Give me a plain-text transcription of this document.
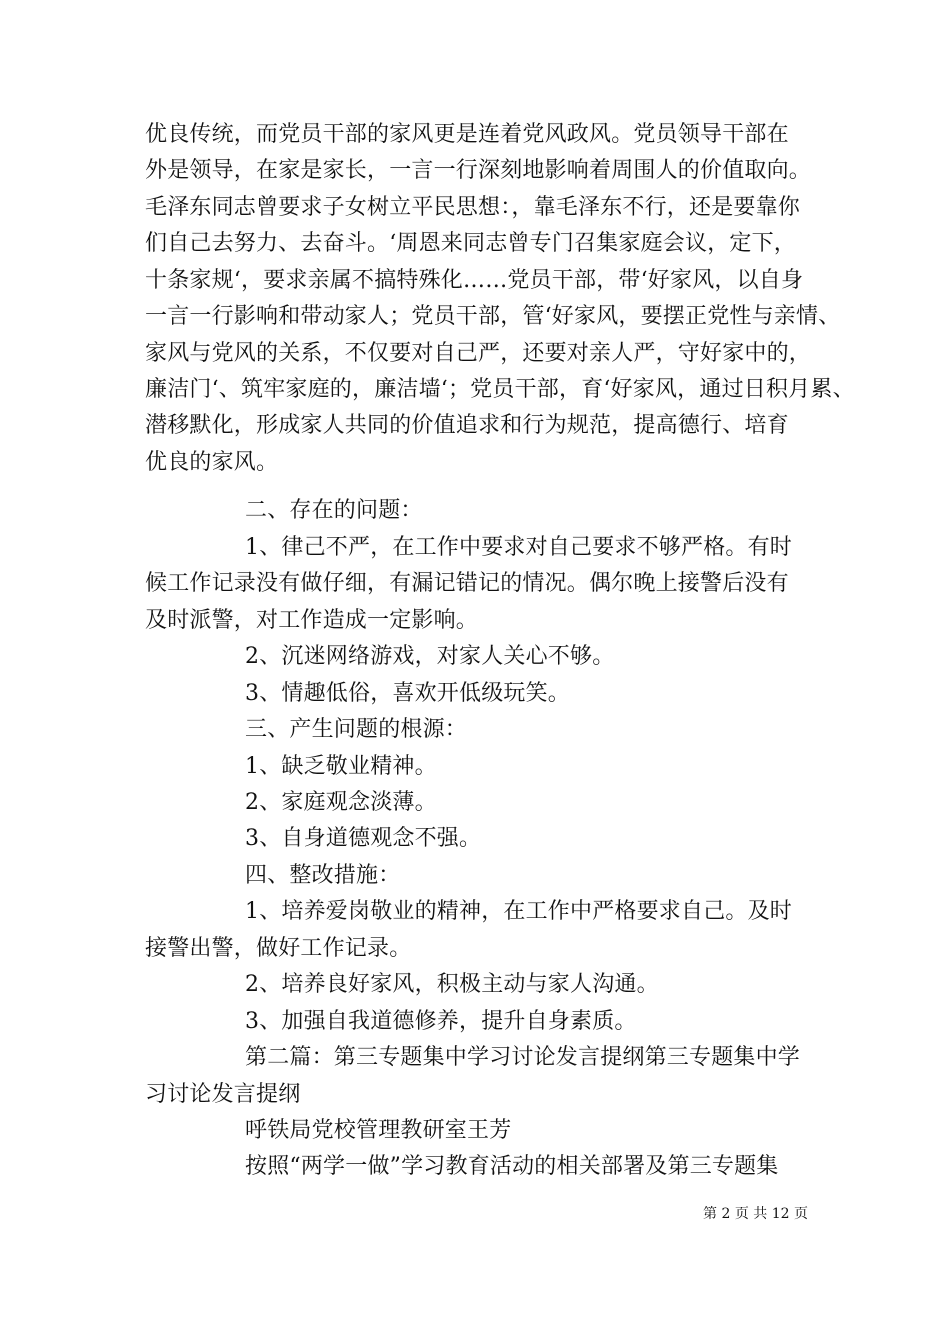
优良传统，而党员干部的家风更是连着党风政风。党员领导干部在
外是领导，在家是家长，一言一行深刻地影响着周围人的价值取向。
毛泽东同志曾要求子女树立平民思想：，靠毛泽东不行，还是要靠你
们自己去努力、去奋斗。‘周恩来同志曾专门召集家庭会议，定下，
十条家规‘，要求亲属不搞特殊化……党员干部，带‘好家风，以自身
一言一行影响和带动家人；党员干部，管‘好家风，要摆正党性与亲情、
家风与党风的关系，不仅要对自己严，还要对亲人严，守好家中的，
廉洁门‘、筑牢家庭的，廉洁墙‘；党员干部，育‘好家风，通过日积月累、
潜移默化，形成家人共同的价值追求和行为规范，提高德行、培育
优良的家风。
二、存在的问题：
1、律己不严，在工作中要求对自己要求不够严格。有时
候工作记录没有做仔细，有漏记错记的情况。偶尔晚上接警后没有
及时派警，对工作造成一定影响。
2、沉迷网络游戏，对家人关心不够。
3、情趣低俗，喜欢开低级玩笑。
三、产生问题的根源：
1、缺乏敬业精神。
2、家庭观念淡薄。
3、自身道德观念不强。
四、整改措施：
1、培养爱岗敬业的精神，在工作中严格要求自己。及时
接警出警，做好工作记录。
2、培养良好家风，积极主动与家人沟通。
3、加强自我道德修养，提升自身素质。
第二篇：第三专题集中学习讨论发言提纲第三专题集中学
习讨论发言提纲
呼铁局党校管理教研室王芳
按照“两学一做”学习教育活动的相关部署及第三专题集
第 2 页 共 12 页
